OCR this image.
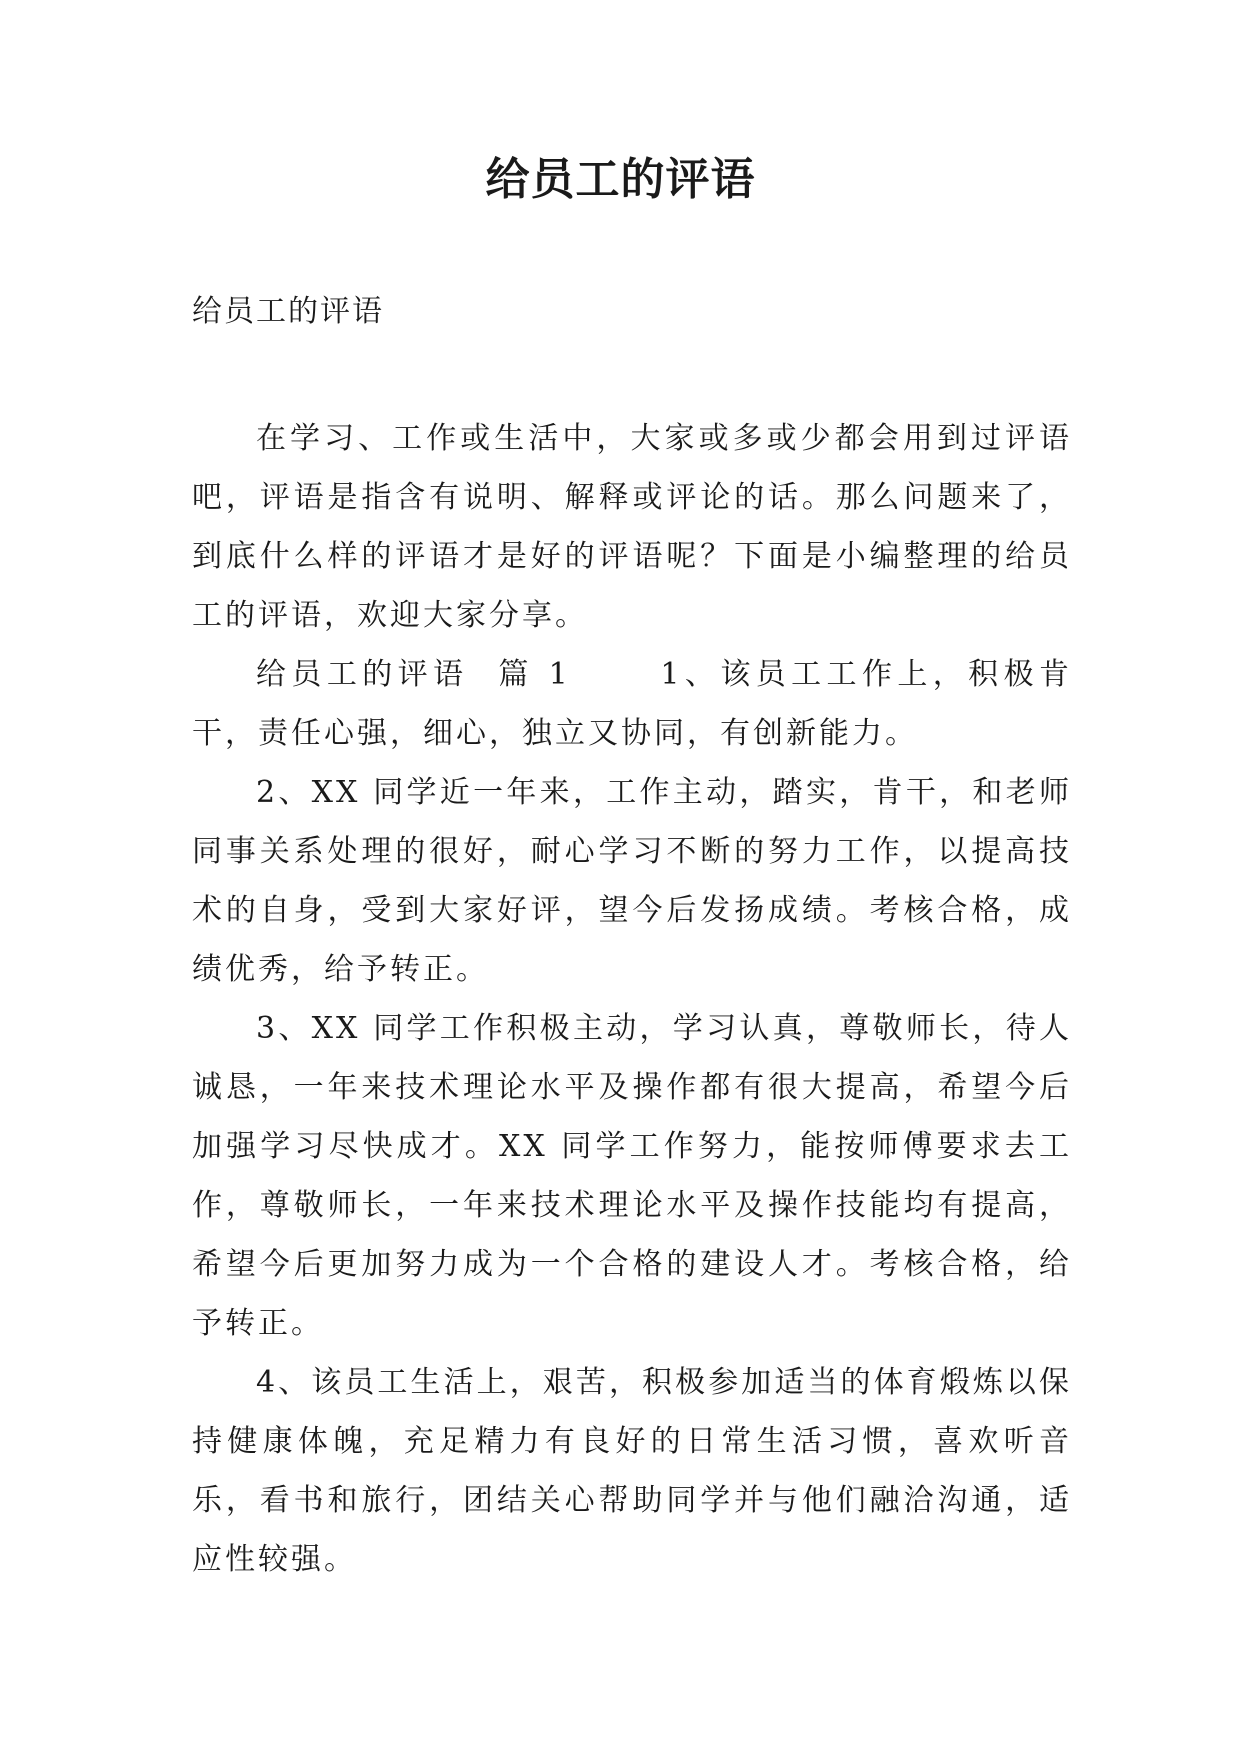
给员工的评语
给员工的评语

在学习、工作或生活中，大家或多或少都会用到过评语吧，评语是指含有说明、解释或评论的话。那么问题来了，到底什么样的评语才是好的评语呢？下面是小编整理的给员工的评语，欢迎大家分享。

给员工的评语  篇 1      1、该员工工作上，积极肯干，责任心强，细心，独立又协同，有创新能力。

2、XX 同学近一年来，工作主动，踏实，肯干，和老师同事关系处理的很好，耐心学习不断的努力工作，以提高技术的自身，受到大家好评，望今后发扬成绩。考核合格，成绩优秀，给予转正。

3、XX 同学工作积极主动，学习认真，尊敬师长，待人诚恳，一年来技术理论水平及操作都有很大提高，希望今后加强学习尽快成才。XX 同学工作努力，能按师傅要求去工作，尊敬师长，一年来技术理论水平及操作技能均有提高，希望今后更加努力成为一个合格的建设人才。考核合格，给予转正。

4、该员工生活上，艰苦，积极参加适当的体育煅炼以保持健康体魄，充足精力有良好的日常生活习惯，喜欢听音乐，看书和旅行，团结关心帮助同学并与他们融洽沟通，适应性较强。
